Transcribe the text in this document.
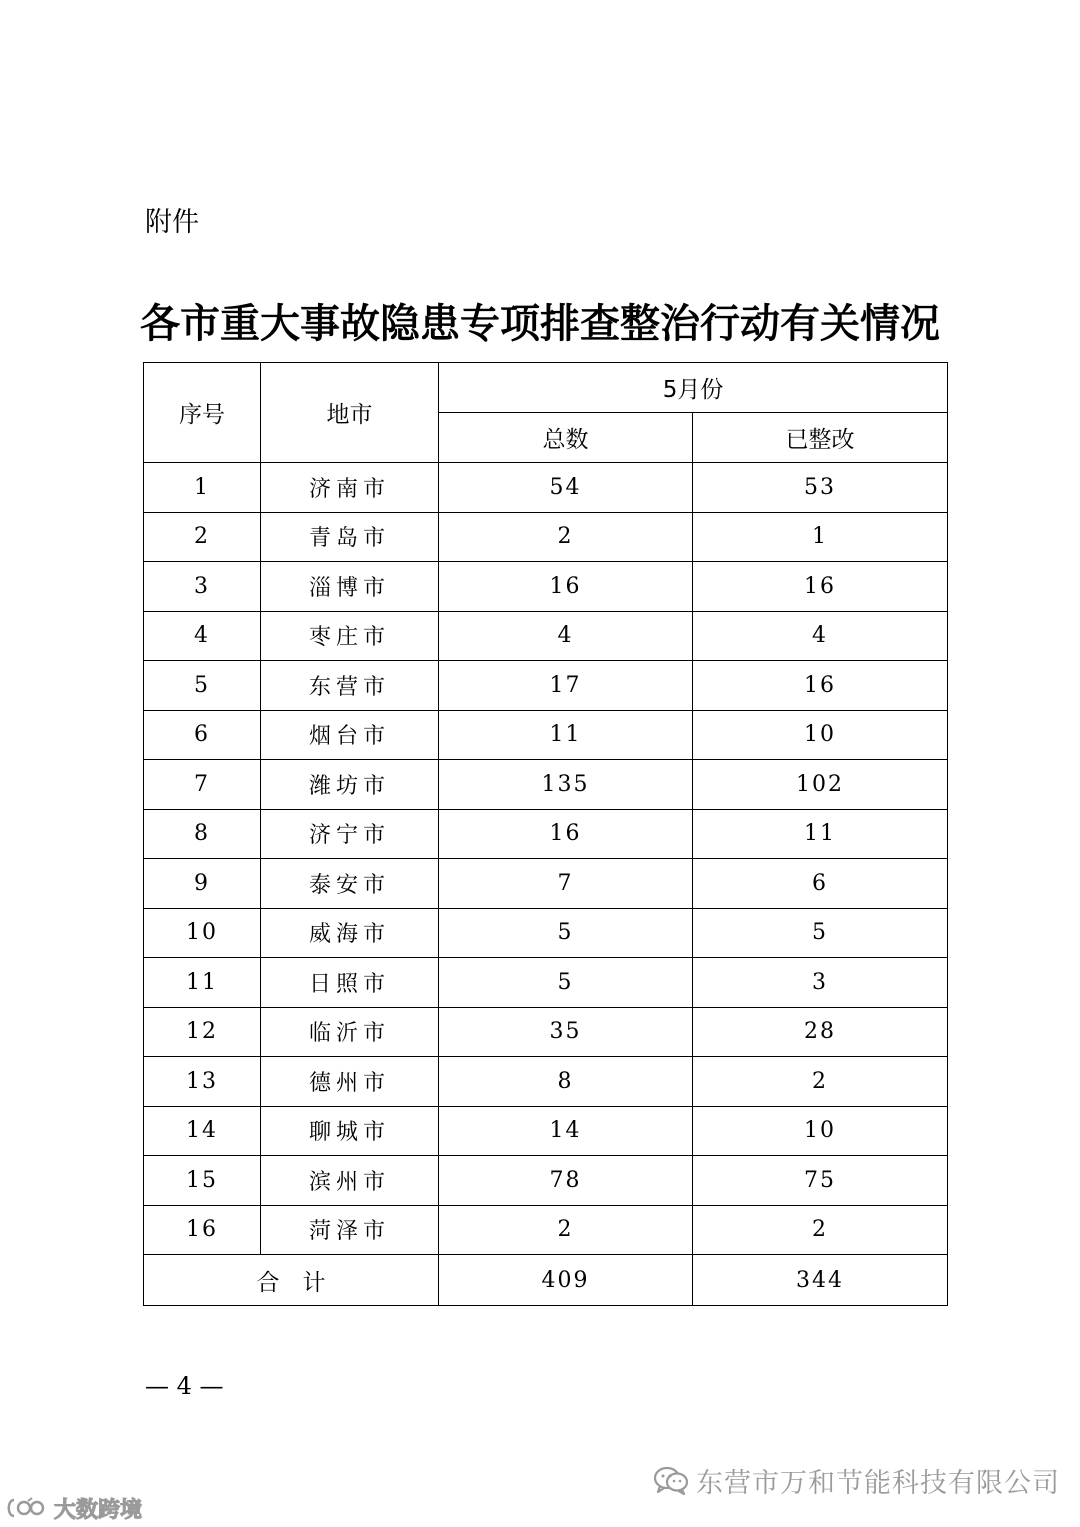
附件
各市重大事故隐患专项排查整治行动有关情况
序号	地市	5月份	
		总数	已整改
1	济南市	54	53
2	青岛市	2	1
3	淄博市	16	16
4	枣庄市	4	4
5	东营市	17	16
6	烟台市	11	10
7	潍坊市	135	102
8	济宁市	16	11
9	泰安市	7	6
10	威海市	5	5
11	日照市	5	3
12	临沂市	35	28
13	德州市	8	2
14	聊城市	14	10
15	滨州市	78	75
16	菏泽市	2	2
合　计		409	344
— 4 —
东营市万和节能科技有限公司
大数跨境
